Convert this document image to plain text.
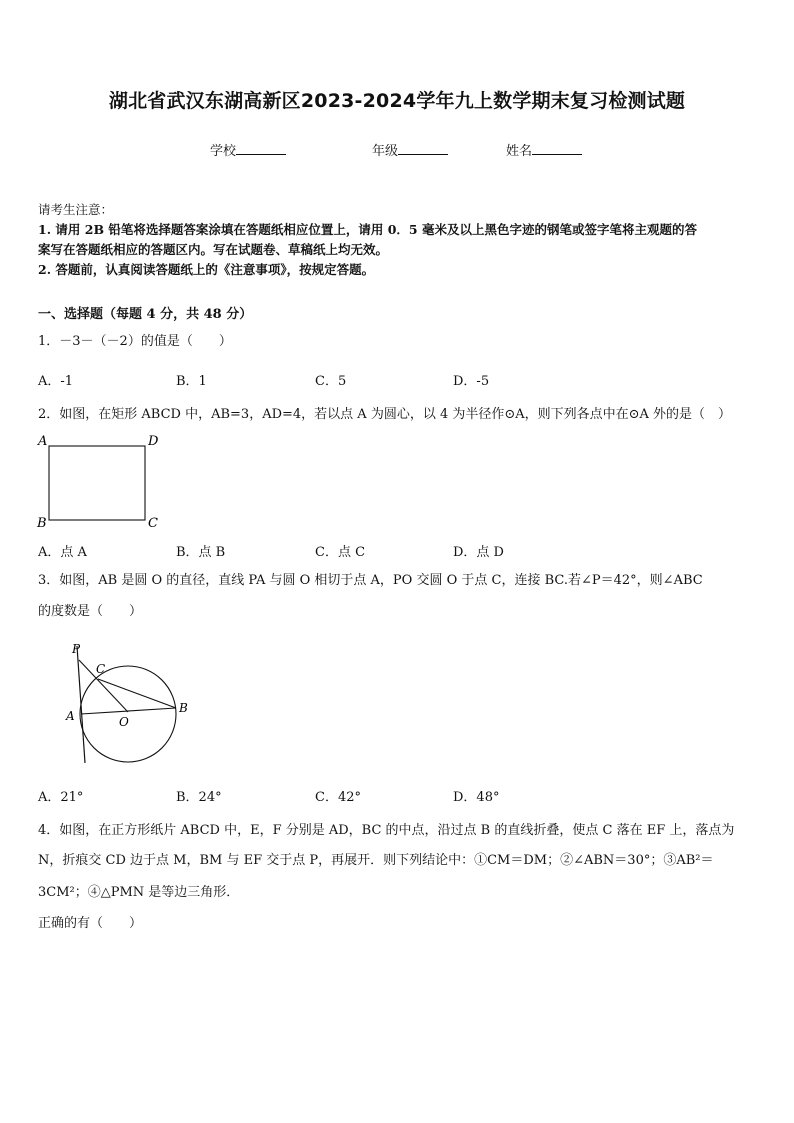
湖北省武汉东湖高新区2023-2024学年九上数学期末复习检测试题
学校	年级	姓名
请考生注意：
1. 请用 2B 铅笔将选择题答案涂填在答题纸相应位置上，请用 0．5 毫米及以上黑色字迹的钢笔或签字笔将主观题的答
案写在答题纸相应的答题区内。写在试题卷、草稿纸上均无效。
2. 答题前，认真阅读答题纸上的《注意事项》，按规定答题。
一、选择题（每题 4 分，共 48 分）
1．－3－（－2）的值是（　　）
A．-1	B．1	C．5	D．-5
2．如图，在矩形 ABCD 中，AB=3，AD=4，若以点 A 为圆心，以 4 为半径作⊙A，则下列各点中在⊙A 外的是（　）
A	D
B	C
A．点 A	B．点 B	C．点 C	D．点 D
3．如图，AB 是圆 O 的直径，直线 PA 与圆 O 相切于点 A，PO 交圆 O 于点 C，连接 BC.若∠P＝42°，则∠ABC
的度数是（　　）
P
C
A	O
B
A．21°	B．24°	C．42°	D．48°
4．如图，在正方形纸片 ABCD 中，E，F 分别是 AD，BC 的中点，沿过点 B 的直线折叠，使点 C 落在 EF 上，落点为
N，折痕交 CD 边于点 M，BM 与 EF 交于点 P，再展开．则下列结论中：①CM＝DM；②∠ABN＝30°；③AB²＝
3CM²；④△PMN 是等边三角形．
正确的有（　　）
